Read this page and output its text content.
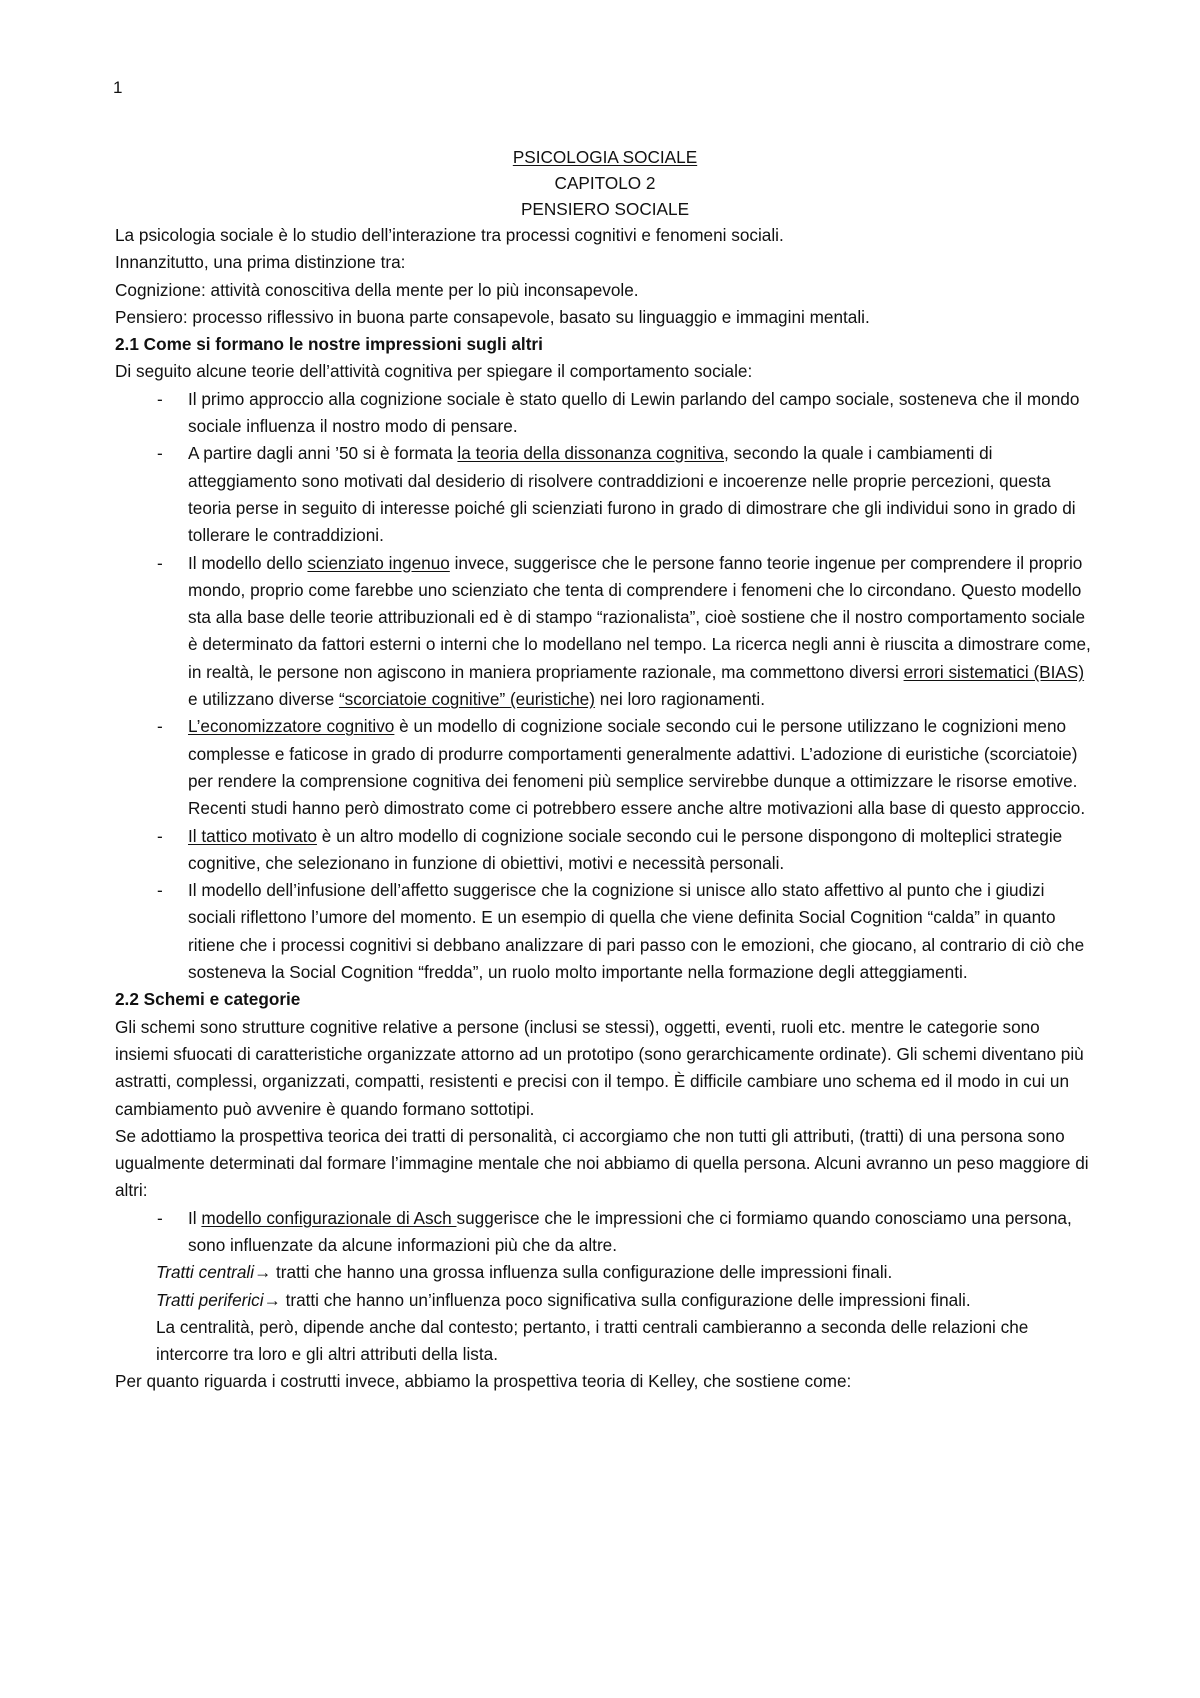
1
PSICOLOGIA SOCIALE
CAPITOLO 2
PENSIERO SOCIALE

La psicologia sociale è lo studio dell’interazione tra processi cognitivi e fenomeni sociali.

Innanzitutto, una prima distinzione tra:

Cognizione: attività conoscitiva della mente per lo più inconsapevole.

Pensiero: processo riflessivo in buona parte consapevole, basato su linguaggio e immagini mentali.

2.1 Come si formano le nostre impressioni sugli altri

Di seguito alcune teorie dell’attività cognitiva per spiegare il comportamento sociale:

- Il primo approccio alla cognizione sociale è stato quello di Lewin parlando del campo sociale, sosteneva che il mondo sociale influenza il nostro modo di pensare.
- A partire dagli anni ’50 si è formata la teoria della dissonanza cognitiva, secondo la quale i cambiamenti di atteggiamento sono motivati dal desiderio di risolvere contraddizioni e incoerenze nelle proprie percezioni, questa teoria perse in seguito di interesse poiché gli scienziati furono in grado di dimostrare che gli individui sono in grado di tollerare le contraddizioni.
- Il modello dello scienziato ingenuo invece, suggerisce che le persone fanno teorie ingenue per comprendere il proprio mondo, proprio come farebbe uno scienziato che tenta di comprendere i fenomeni che lo circondano. Questo modello sta alla base delle teorie attribuzionali ed è di stampo “razionalista”, cioè sostiene che il nostro comportamento sociale è determinato da fattori esterni o interni che lo modellano nel tempo. La ricerca negli anni è riuscita a dimostrare come, in realtà, le persone non agiscono in maniera propriamente razionale, ma commettono diversi errori sistematici (BIAS) e utilizzano diverse “scorciatoie cognitive” (euristiche) nei loro ragionamenti.
- L’economizzatore cognitivo è un modello di cognizione sociale secondo cui le persone utilizzano le cognizioni meno complesse e faticose in grado di produrre comportamenti generalmente adattivi. L’adozione di euristiche (scorciatoie) per rendere la comprensione cognitiva dei fenomeni più semplice servirebbe dunque a ottimizzare le risorse emotive. Recenti studi hanno però dimostrato come ci potrebbero essere anche altre motivazioni alla base di questo approccio.
- Il tattico motivato è un altro modello di cognizione sociale secondo cui le persone dispongono di molteplici strategie cognitive, che selezionano in funzione di obiettivi, motivi e necessità personali.
- Il modello dell’infusione dell’affetto suggerisce che la cognizione si unisce allo stato affettivo al punto che i giudizi sociali riflettono l’umore del momento. E un esempio di quella che viene definita Social Cognition “calda” in quanto ritiene che i processi cognitivi si debbano analizzare di pari passo con le emozioni, che giocano, al contrario di ciò che sosteneva la Social Cognition “fredda”, un ruolo molto importante nella formazione degli atteggiamenti.

2.2 Schemi e categorie

Gli schemi sono strutture cognitive relative a persone (inclusi se stessi), oggetti, eventi, ruoli etc. mentre le categorie sono insiemi sfuocati di caratteristiche organizzate attorno ad un prototipo (sono gerarchicamente ordinate). Gli schemi diventano più astratti, complessi, organizzati, compatti, resistenti e precisi con il tempo. È difficile cambiare uno schema ed il modo in cui un cambiamento può avvenire è quando formano sottotipi.

Se adottiamo la prospettiva teorica dei tratti di personalità, ci accorgiamo che non tutti gli attributi, (tratti) di una persona sono ugualmente determinati dal formare l’immagine mentale che noi abbiamo di quella persona. Alcuni avranno un peso maggiore di altri:

- Il modello configurazionale di Asch suggerisce che le impressioni che ci formiamo quando conosciamo una persona, sono influenzate da alcune informazioni più che da altre.

Tratti centrali→ tratti che hanno una grossa influenza sulla configurazione delle impressioni finali.

Tratti periferici→ tratti che hanno un’influenza poco significativa sulla configurazione delle impressioni finali.

La centralità, però, dipende anche dal contesto; pertanto, i tratti centrali cambieranno a seconda delle relazioni che intercorre tra loro e gli altri attributi della lista.

Per quanto riguarda i costrutti invece, abbiamo la prospettiva teoria di Kelley, che sostiene come:
